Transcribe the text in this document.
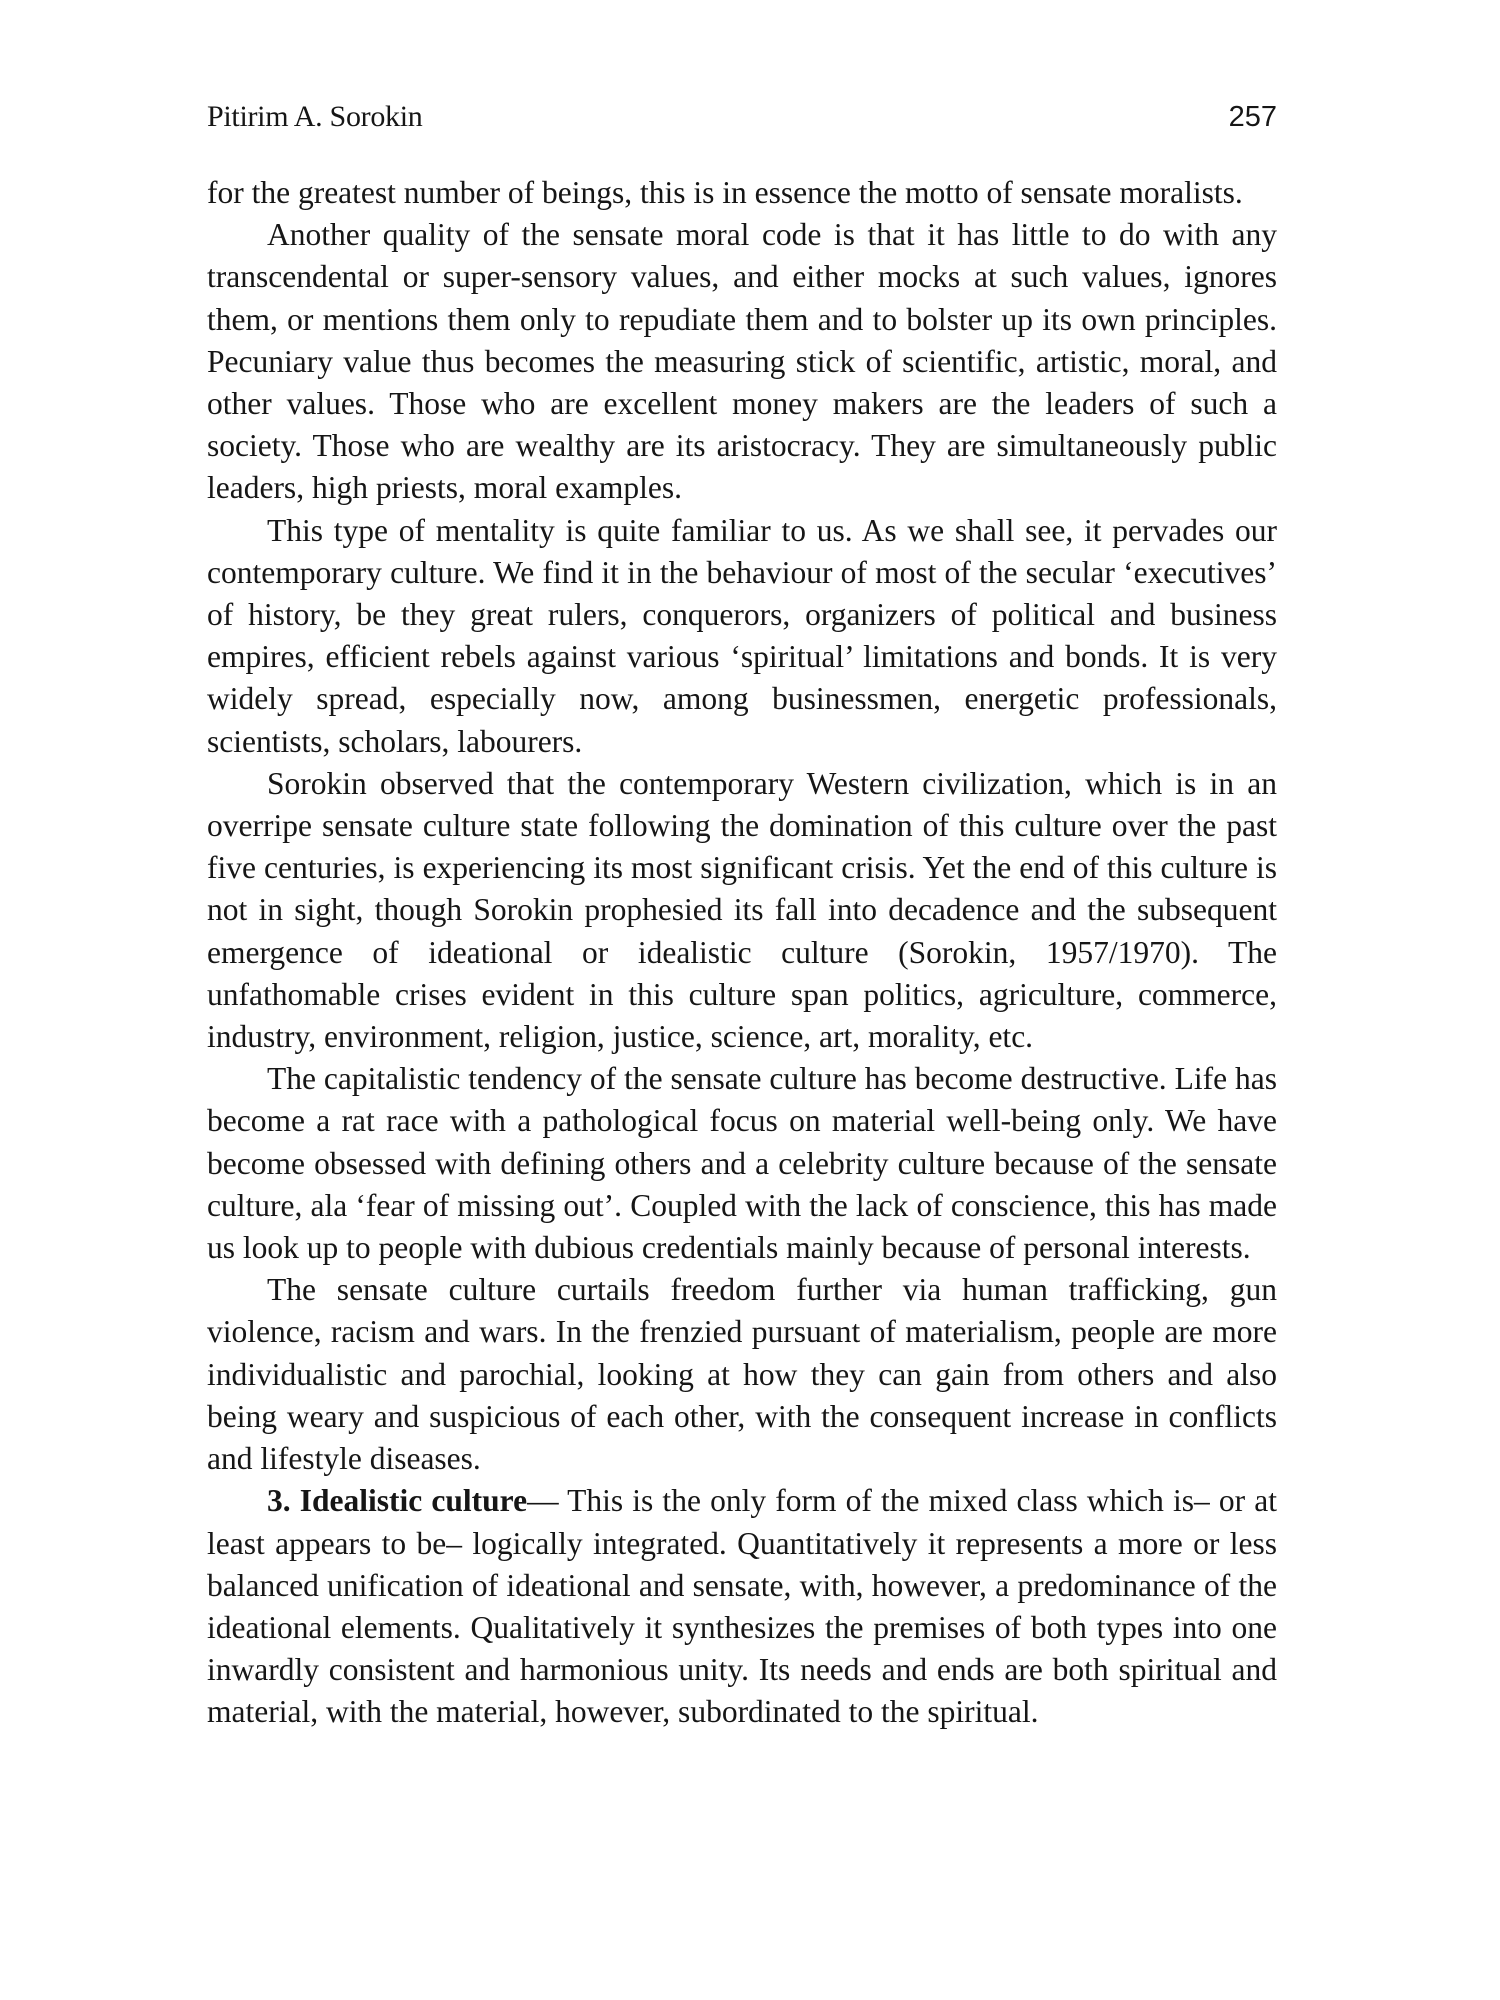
Pitirim A. Sorokin	257

for the greatest number of beings, this is in essence the motto of sensate moralists.

Another quality of the sensate moral code is that it has little to do with any transcendental or super-sensory values, and either mocks at such values, ignores them, or mentions them only to repudiate them and to bolster up its own principles. Pecuniary value thus becomes the measuring stick of scientific, artistic, moral, and other values. Those who are excellent money makers are the leaders of such a society. Those who are wealthy are its aristocracy. They are simultaneously public leaders, high priests, moral examples.

This type of mentality is quite familiar to us. As we shall see, it pervades our contemporary culture. We find it in the behaviour of most of the secular ‘executives’ of history, be they great rulers, conquerors, organizers of political and business empires, efficient rebels against various ‘spiritual’ limitations and bonds. It is very widely spread, especially now, among businessmen, energetic professionals, scientists, scholars, labourers.

Sorokin observed that the contemporary Western civilization, which is in an overripe sensate culture state following the domination of this culture over the past five centuries, is experiencing its most significant crisis. Yet the end of this culture is not in sight, though Sorokin prophesied its fall into decadence and the subsequent emergence of ideational or idealistic culture (Sorokin, 1957/1970). The unfathomable crises evident in this culture span politics, agriculture, commerce, industry, environment, religion, justice, science, art, morality, etc.

The capitalistic tendency of the sensate culture has become destructive. Life has become a rat race with a pathological focus on material well-being only. We have become obsessed with defining others and a celebrity culture because of the sensate culture, ala ‘fear of missing out’. Coupled with the lack of conscience, this has made us look up to people with dubious credentials mainly because of personal interests.

The sensate culture curtails freedom further via human trafficking, gun violence, racism and wars. In the frenzied pursuant of materialism, people are more individualistic and parochial, looking at how they can gain from others and also being weary and suspicious of each other, with the consequent increase in conflicts and lifestyle diseases.

3. Idealistic culture— This is the only form of the mixed class which is– or at least appears to be– logically integrated. Quantitatively it represents a more or less balanced unification of ideational and sensate, with, however, a predominance of the ideational elements. Qualitatively it synthesizes the premises of both types into one inwardly consistent and harmonious unity. Its needs and ends are both spiritual and material, with the material, however, subordinated to the spiritual.
